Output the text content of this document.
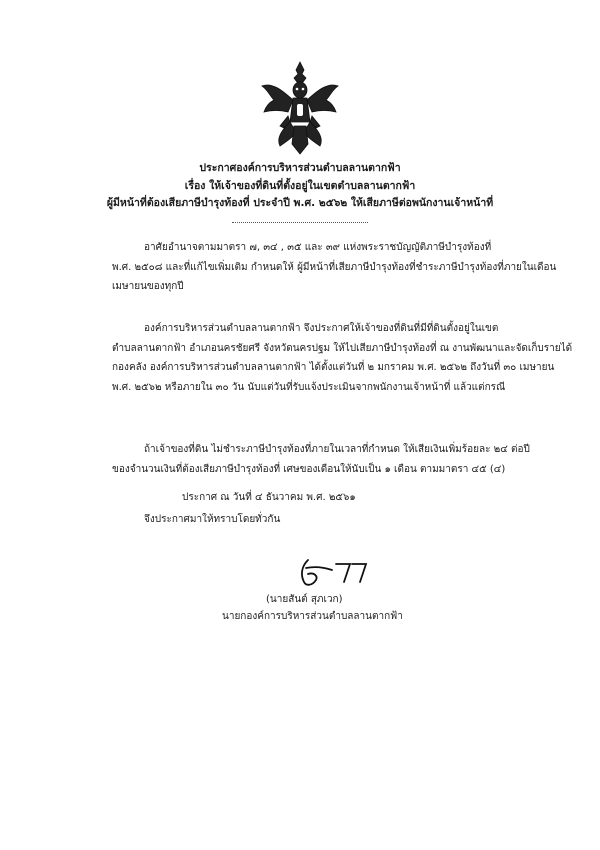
ประกาศองค์การบริหารส่วนตำบลลานตากฟ้า
เรื่อง ให้เจ้าของที่ดินที่ตั้งอยู่ในเขตตำบลลานตากฟ้า
ผู้มีหน้าที่ต้องเสียภาษีบำรุงท้องที่ ประจำปี พ.ศ. ๒๕๖๒ ให้เสียภาษีต่อพนักงานเจ้าหน้าที่
อาศัยอำนาจตามมาตรา ๗, ๓๔ , ๓๕ และ ๓๙ แห่งพระราชบัญญัติภาษีบำรุงท้องที่
พ.ศ. ๒๕๐๘ และที่แก้ไขเพิ่มเติม กำหนดให้ ผู้มีหน้าที่เสียภาษีบำรุงท้องที่ชำระภาษีบำรุงท้องที่ภายในเดือน
เมษายนของทุกปี
องค์การบริหารส่วนตำบลลานตากฟ้า จึงประกาศให้เจ้าของที่ดินที่มีที่ดินตั้งอยู่ในเขต
ตำบลลานตากฟ้า อำเภอนครชัยศรี จังหวัดนครปฐม ให้ไปเสียภาษีบำรุงท้องที่ ณ งานพัฒนาและจัดเก็บรายได้
กองคลัง องค์การบริหารส่วนตำบลลานตากฟ้า ได้ตั้งแต่วันที่ ๒ มกราคม พ.ศ. ๒๕๖๒ ถึงวันที่ ๓๐ เมษายน
พ.ศ. ๒๕๖๒ หรือภายใน ๓๐ วัน นับแต่วันที่รับแจ้งประเมินจากพนักงานเจ้าหน้าที่ แล้วแต่กรณี
ถ้าเจ้าของที่ดิน ไม่ชำระภาษีบำรุงท้องที่ภายในเวลาที่กำหนด ให้เสียเงินเพิ่มร้อยละ ๒๔ ต่อปี
ของจำนวนเงินที่ต้องเสียภาษีบำรุงท้องที่ เศษของเดือนให้นับเป็น ๑ เดือน ตามมาตรา ๔๕ (๔)
จึงประกาศมาให้ทราบโดยทั่วกัน
ประกาศ ณ วันที่ ๔ ธันวาคม พ.ศ. ๒๕๖๑
(นายสันต์ สุภเวก)
นายกองค์การบริหารส่วนตำบลลานตากฟ้า
